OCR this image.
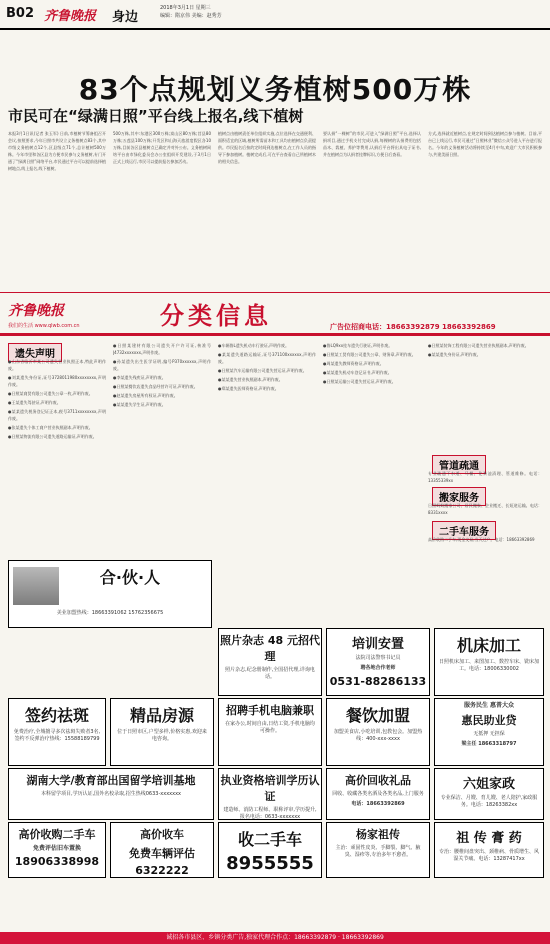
B02 齐鲁晚报 身边
2018年3月1日 星期三
编辑：隋京伟 美编：赵秀芳
83个点规划义务植树500万株
市民可在“绿满日照”平台线上报名,线下植树
本报3月1日讯(记者 张玉军) 日前,市植树节筹备组召开会议,按照要求,今年日照市共设立义务植树点83个,其中市级义务植树点12个,区县级点71个,总计植树500万株。今年市里和各区县为方便市民参与义务植树,专门开通了“绿满日照”网络平台,市民通过平台可以提前选择植树地点,线上报名,线下植树。
500万株,其中:东港区300万株;岚山区80万株;莒县80万株;五莲县100万株;开发区和山海天旅游度假区各10万株,目前各区县植树点已确定并对外公布。义务植树网络平台由市绿化委员会办公室组织开发建设,于3月1日正式上线运行,市民可以提前报名参加活动。
植树点由植树责任单位组织实施,点位选择在交通便利、面积适宜的区域,植树所需苗木和工具均由植树点负责提供。市民报名后按约定时间到达植树点,在工作人员的指导下参加植树。植树完成后,可在平台查看自己所植树木的相关信息。
要认捐“一棵树”的市民,可进入“绿满日照”平台,选择认捐项目,通过手机支付完成认捐,每棵树的认捐费用包括苗木、栽植、养护等费用,认捐后平台将出具电子证书,并在植树点为认捐者挂牌标识,方便日后查看。
方式,选择就近植树点,在规定时间到达植树点参与植树。目前,平台已上线运行,市民可通过“日照林业”微信公众号进入平台进行报名。今年的义务植树活动将持续至4月中旬,欢迎广大市民积极参与,共建美丽日照。
齐鲁晚报
我们的生活 www.qlwb.com.cn	分类信息	广告位招商电话：18663392879 18663392869
遗失声明
●山东省临沂市某公司遗失营业执照正本,特此声明作废。
●刘某遗失身份证,证号3728011980xxxxxxxx,声明作废。
●日照某商贸有限公司遗失公章一枚,声明作废。
●王某遗失驾驶证,声明作废。
●某某遗失税务登记证正本,税号3711xxxxxxxx,声明作废。
●张某遗失个体工商户营业执照副本,声明作废。
●日照某物流有限公司遗失道路运输证,声明作废。
●日照某建材有限公司遗失开户许可证,核准号J4732xxxxxxx,声明作废。
●孙某遗失出生医学证明,编号P370xxxxxx,声明作废。
●李某遗失残疾证,声明作废。
●日照某餐饮店遗失食品经营许可证,声明作废。
●赵某遗失房屋所有权证,声明作废。
●某某遗失学生证,声明作废。
●车辆鲁L遗失机动车行驶证,声明作废。
●某某遗失道路运输证,证号371100xxxxxx,声明作废。
●日照某汽车运输有限公司遗失营运证,声明作废。
●某某遗失营业执照副本,声明作废。
●郑某遗失医师资格证,声明作废。
●鲁LQ9xx挂车遗失行驶证,声明作废。
●日照某工贸有限公司遗失公章、财务章,声明作废。
●周某遗失教师资格证,声明作废。
●某某遗失机动车登记证书,声明作废。
●日照某运输公司遗失营运证,声明作废。
●日照某装饰工程有限公司遗失营业执照副本,声明作废。
●某某遗失身份证,声明作废。
管道疏通
专业疏通下水道、马桶、化粪池清理、管道维修。电话：13355339xx
搬家服务
日照蚂蚁搬家公司、居民搬家、企业搬迁、长短途运输。电话：8331xxxx
二手车服务
高价收购二手车,现金交易,当天过户。电话：18663392869
合·伙·人
美业加盟热线：18663391062 15762356675
照片杂志 48 元招代理
照片杂志,纪念册制作,全国招代理,详询电话。
培训安置
法院司法警察书记员
聘各地合作老师
0531-88286133
机床加工
日照机床加工、来图加工、数控车床、铣床加工。电话：18006330002
签约祛斑
免费治疗,全城擅寻多次祛斑失败者3名,签约不反弹治疗热线：15588189799
精品房源
位于日照市区,户型多样,价格实惠,欢迎来电咨询。
招聘手机电脑兼职
在家办公,时间自由,日结工资,手机电脑均可操作。
餐饮加盟
加盟美食店,小吃培训,包教包会。加盟热线：400-xxx-xxxx
服务民生 惠普大众
惠民助业贷
无抵押 无担保
梁主任 18663318797
湖南大学/教育部出国留学培训基地
本科留学项目,学历认证,国外名校录取,招生热线0633-xxxxxxx
执业资格培训学历认证
建造师、消防工程师、职称评审,学历提升,报名电话：0633-xxxxxxx
高价回收礼品
回收、收藏各类名酒及各类名品,上门服务
电话：18663392869
六姐家政
专业保洁、月嫂、育儿嫂、老人陪护,家政服务。电话：18263382xx
高价收购二手车
免费评估旧车置换
18906338998
高价收车
免费车辆评估
6322222
收二手车
8955555
杨家祖传
主治：顽固性皮炎、手脚裂、脚气、腋臭、湿疹等,专治多年不愈者。
祖 传 膏 药
专治：腰椎间盘突出、颈椎病、骨质增生、风湿关节痛。电话：13287417xx
诚招各市县区、乡镇分类广告,独家代理合作点：18663392879 · 18663392869
